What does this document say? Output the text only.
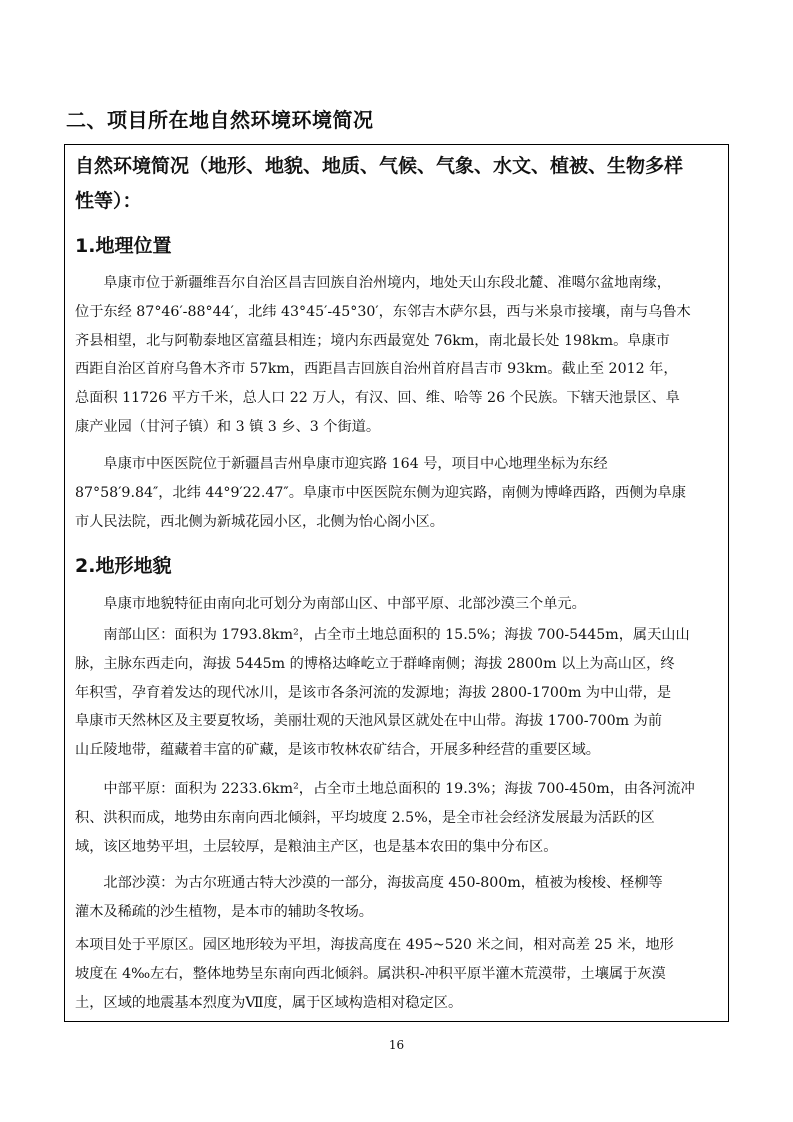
二、项目所在地自然环境环境简况
自然环境简况（地形、地貌、地质、气候、气象、水文、植被、生物多样
性等）：
1.地理位置
　　阜康市位于新疆维吾尔自治区昌吉回族自治州境内，地处天山东段北麓、准噶尔盆地南缘，
位于东经 87°46′-88°44′，北纬 43°45′-45°30′，东邻吉木萨尔县，西与米泉市接壤，南与乌鲁木
齐县相望，北与阿勒泰地区富蕴县相连；境内东西最宽处 76km，南北最长处 198km。阜康市
西距自治区首府乌鲁木齐市 57km，西距昌吉回族自治州首府昌吉市 93km。截止至 2012 年，
总面积 11726 平方千米，总人口 22 万人，有汉、回、维、哈等 26 个民族。下辖天池景区、阜
康产业园（甘河子镇）和 3 镇 3 乡、3 个街道。
　　阜康市中医医院位于新疆昌吉州阜康市迎宾路 164 号，项目中心地理坐标为东经
87°58′9.84″，北纬 44°9′22.47″。阜康市中医医院东侧为迎宾路，南侧为博峰西路，西侧为阜康
市人民法院，西北侧为新城花园小区，北侧为怡心阁小区。
2.地形地貌
　　阜康市地貌特征由南向北可划分为南部山区、中部平原、北部沙漠三个单元。
　　南部山区：面积为 1793.8km²，占全市土地总面积的 15.5%；海拔 700-5445m，属天山山
脉，主脉东西走向，海拔 5445m 的博格达峰屹立于群峰南侧；海拔 2800m 以上为高山区，终
年积雪，孕育着发达的现代冰川，是该市各条河流的发源地；海拔 2800-1700m 为中山带，是
阜康市天然林区及主要夏牧场，美丽壮观的天池风景区就处在中山带。海拔 1700-700m 为前
山丘陵地带，蕴藏着丰富的矿藏，是该市牧林农矿结合，开展多种经营的重要区域。
　　中部平原：面积为 2233.6km²，占全市土地总面积的 19.3%；海拔 700-450m，由各河流冲
积、洪积而成，地势由东南向西北倾斜，平均坡度 2.5%，是全市社会经济发展最为活跃的区
域，该区地势平坦，土层较厚，是粮油主产区，也是基本农田的集中分布区。
　　北部沙漠：为古尔班通古特大沙漠的一部分，海拔高度 450-800m，植被为梭梭、柽柳等
灌木及稀疏的沙生植物，是本市的辅助冬牧场。
本项目处于平原区。园区地形较为平坦，海拔高度在 495~520 米之间，相对高差 25 米，地形
坡度在 4‰左右，整体地势呈东南向西北倾斜。属洪积-冲积平原半灌木荒漠带，土壤属于灰漠
土，区域的地震基本烈度为Ⅶ度，属于区域构造相对稳定区。
16
